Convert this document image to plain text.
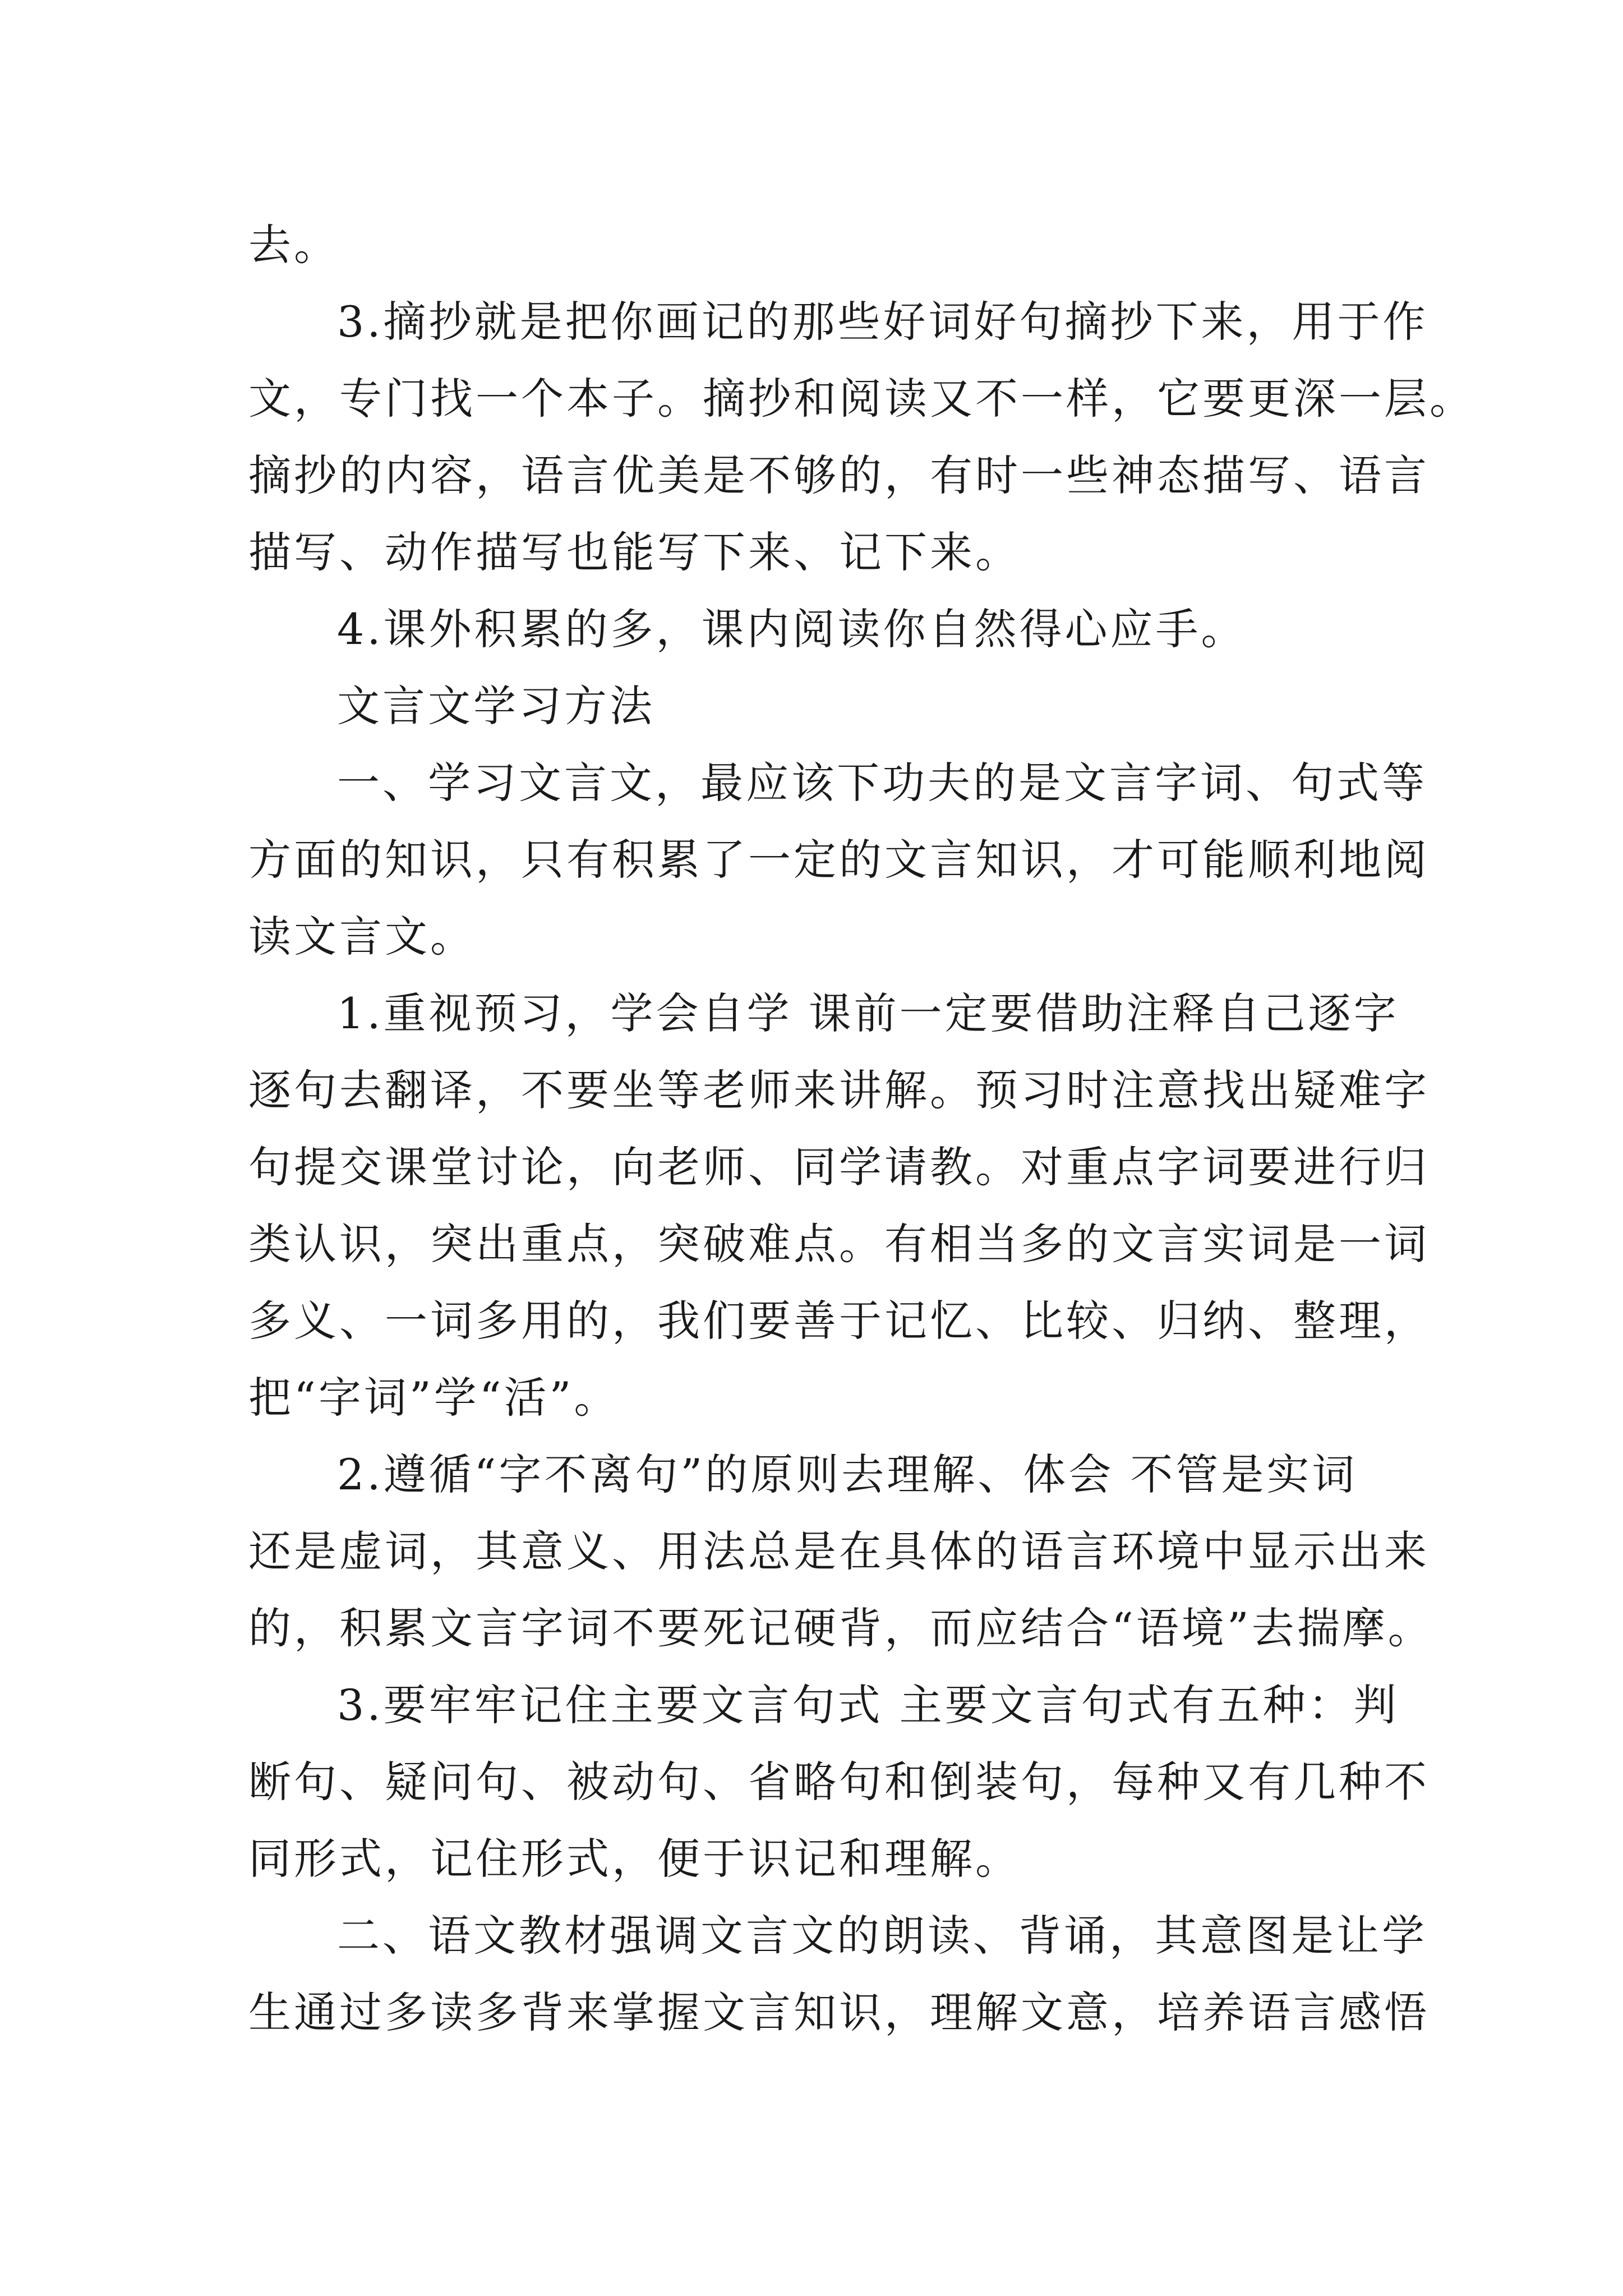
去。
3.摘抄就是把你画记的那些好词好句摘抄下来，用于作
文，专门找一个本子。摘抄和阅读又不一样，它要更深一层。
摘抄的内容，语言优美是不够的，有时一些神态描写、语言
描写、动作描写也能写下来、记下来。
4.课外积累的多，课内阅读你自然得心应手。
文言文学习方法
一、学习文言文，最应该下功夫的是文言字词、句式等
方面的知识，只有积累了一定的文言知识，才可能顺利地阅
读文言文。
1.重视预习，学会自学 课前一定要借助注释自己逐字
逐句去翻译，不要坐等老师来讲解。预习时注意找出疑难字
句提交课堂讨论，向老师、同学请教。对重点字词要进行归
类认识，突出重点，突破难点。有相当多的文言实词是一词
多义、一词多用的，我们要善于记忆、比较、归纳、整理，
把“字词”学“活”。
2.遵循“字不离句”的原则去理解、体会 不管是实词
还是虚词，其意义、用法总是在具体的语言环境中显示出来
的，积累文言字词不要死记硬背，而应结合“语境”去揣摩。
3.要牢牢记住主要文言句式 主要文言句式有五种：判
断句、疑问句、被动句、省略句和倒装句，每种又有几种不
同形式，记住形式，便于识记和理解。
二、语文教材强调文言文的朗读、背诵，其意图是让学
生通过多读多背来掌握文言知识，理解文意，培养语言感悟
